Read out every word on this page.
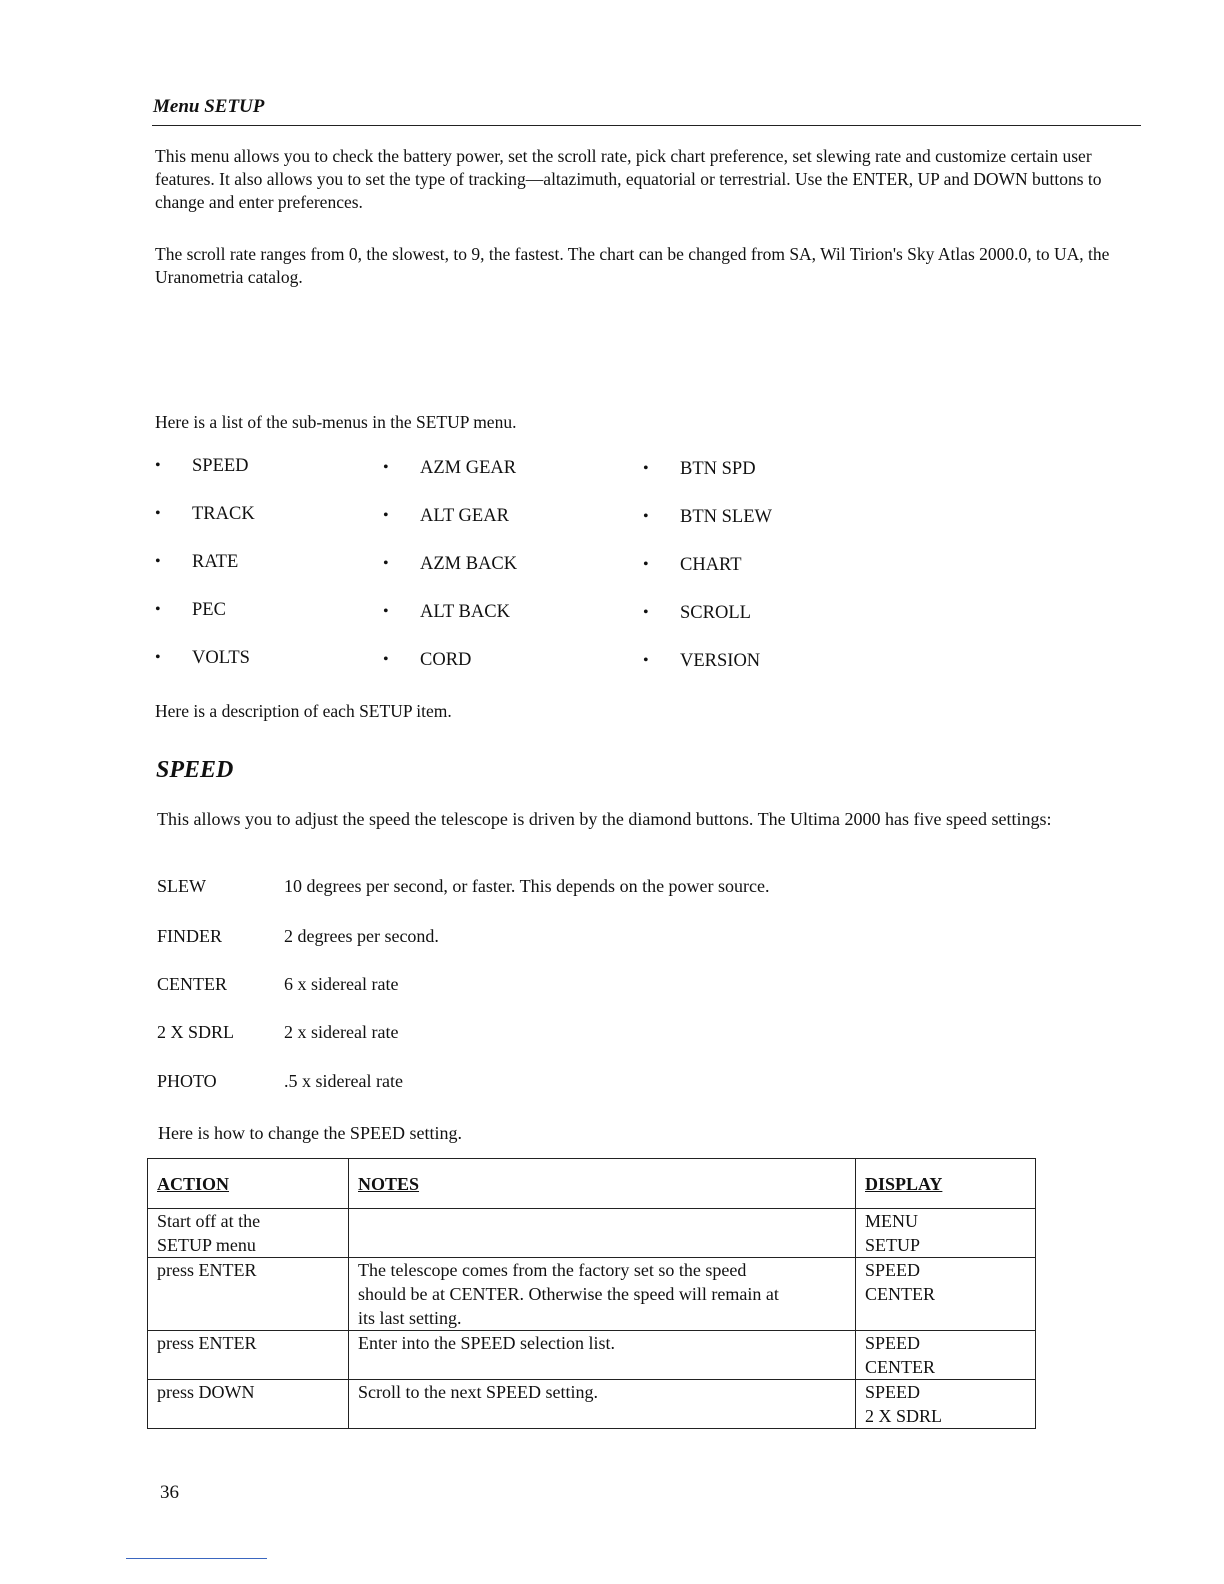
Menu SETUP

This menu allows you to check the battery power, set the scroll rate, pick chart preference, set slewing rate and customize certain user features. It also allows you to set the type of tracking—altazimuth, equatorial or terrestrial. Use the ENTER, UP and DOWN buttons to change and enter preferences.

The scroll rate ranges from 0, the slowest, to 9, the fastest. The chart can be changed from SA, Wil Tirion's Sky Atlas 2000.0, to UA, the Uranometria catalog.

Here is a list of the sub-menus in the SETUP menu.

• SPEED
• TRACK
• RATE
• PEC
• VOLTS
• AZM GEAR
• ALT GEAR
• AZM BACK
• ALT BACK
• CORD
• BTN SPD
• BTN SLEW
• CHART
• SCROLL
• VERSION

Here is a description of each SETUP item.

SPEED

This allows you to adjust the speed the telescope is driven by the diamond buttons. The Ultima 2000 has five speed settings:

SLEW	10 degrees per second, or faster. This depends on the power source.
FINDER	2 degrees per second.
CENTER	6 x sidereal rate
2 X SDRL	2 x sidereal rate
PHOTO	.5 x sidereal rate

Here is how to change the SPEED setting.

ACTION	NOTES	DISPLAY

Start off at the
SETUP menu		MENU
SETUP

press ENTER	The telescope comes from the factory set so the speed
should be at CENTER. Otherwise the speed will remain at
its last setting.	SPEED
CENTER

press ENTER	Enter into the SPEED selection list.	SPEED
CENTER

press DOWN	Scroll to the next SPEED setting.	SPEED
2 X SDRL
36
